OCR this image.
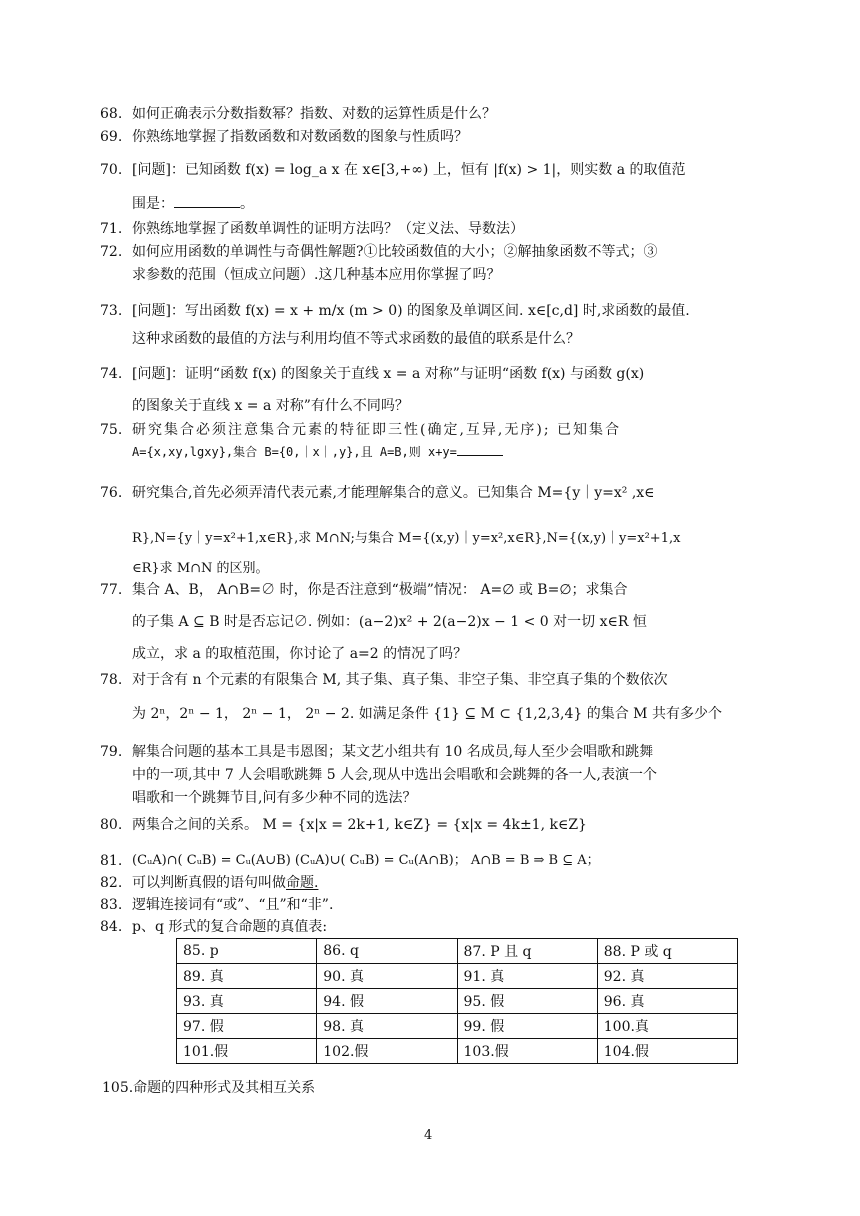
68. 如何正确表示分数指数幂？指数、对数的运算性质是什么？
69. 你熟练地掌握了指数函数和对数函数的图象与性质吗？
70. [问题]：已知函数 f(x) = log_a x 在 x∈[3,+∞) 上，恒有 |f(x) > 1|，则实数 a 的取值范
围是：	。
71. 你熟练地掌握了函数单调性的证明方法吗？（定义法、导数法）
72. 如何应用函数的单调性与奇偶性解题?①比较函数值的大小；②解抽象函数不等式；③
求参数的范围（恒成立问题）.这几种基本应用你掌握了吗？
73. [问题]：写出函数 f(x) = x + m/x (m > 0) 的图象及单调区间. x∈[c,d] 时,求函数的最值.
这种求函数的最值的方法与利用均值不等式求函数的最值的联系是什么？
74. [问题]：证明“函数 f(x) 的图象关于直线 x = a 对称”与证明“函数 f(x) 与函数 g(x)
的图象关于直线 x = a 对称”有什么不同吗？
75. 研究集合必须注意集合元素的特征即三性(确定,互异,无序); 已知集合
A={x,xy,lgxy},集合 B={0,｜x｜,y},且 A=B,则 x+y=
76. 研究集合,首先必须弄清代表元素,才能理解集合的意义。已知集合 M={y｜y=x² ,x∈
R},N={y｜y=x²+1,x∈R},求 M∩N;与集合 M={(x,y)｜y=x²,x∈R},N={(x,y)｜y=x²+1,x
∈R}求 M∩N 的区别。
77. 集合 A、B， A∩B=∅ 时，你是否注意到“极端”情况： A=∅ 或 B=∅；求集合
的子集 A ⊆ B 时是否忘记∅. 例如：(a−2)x² + 2(a−2)x − 1 < 0 对一切 x∈R 恒
成立，求 a 的取植范围，你讨论了 a=2 的情况了吗？
78. 对于含有 n 个元素的有限集合 M, 其子集、真子集、非空子集、非空真子集的个数依次
为 2ⁿ，2ⁿ − 1， 2ⁿ − 1， 2ⁿ − 2. 如满足条件 {1} ⊆ M ⊂ {1,2,3,4} 的集合 M 共有多少个
79. 解集合问题的基本工具是韦恩图；某文艺小组共有 10 名成员,每人至少会唱歌和跳舞
中的一项,其中 7 人会唱歌跳舞 5 人会,现从中选出会唱歌和会跳舞的各一人,表演一个
唱歌和一个跳舞节目,问有多少种不同的选法？
80. 两集合之间的关系。 M = {x|x = 2k+1, k∈Z} = {x|x = 4k±1, k∈Z}
81. (CᵤA)∩( CᵤB) = Cᵤ(A∪B) (CᵤA)∪( CᵤB) = Cᵤ(A∩B)； A∩B = B ⇒ B ⊆ A；
82. 可以判断真假的语句叫做命题.
83. 逻辑连接词有“或”、“且”和“非”.
84. p、q 形式的复合命题的真值表:
85. p	86. q	87. P 且 q	88. P 或 q
89. 真	90. 真	91. 真	92. 真
93. 真	94. 假	95. 假	96. 真
97. 假	98. 真	99. 假	100.真
101.假	102.假	103.假	104.假
105.命题的四种形式及其相互关系
4
